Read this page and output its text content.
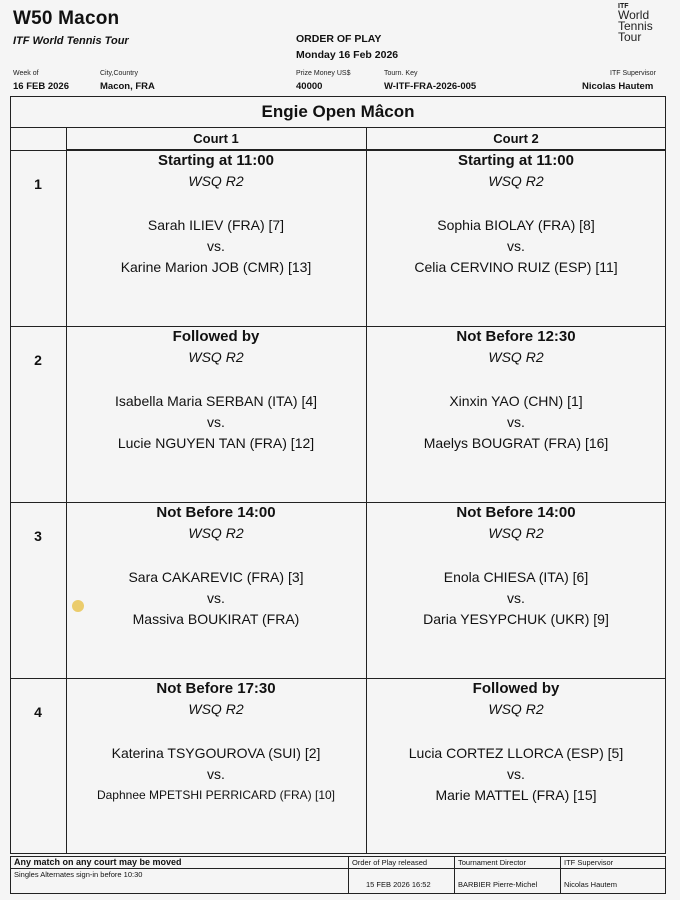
W50 Macon
ITF World Tennis Tour	ORDER OF PLAY
Monday 16 Feb 2026
Week of
16 FEB 2026
City,Country
Macon, FRA
Prize Money US$
40000
Tourn. Key
W-ITF-FRA-2026-005
ITF Supervisor
Nicolas Hautem
ITF
World
Tennis
Tour
Engie Open Mâcon
Court 1	Court 2
1
Starting at 11:00
WSQ R2
Sarah ILIEV (FRA) [7]
vs.
Karine Marion JOB (CMR) [13]
Starting at 11:00
WSQ R2
Sophia BIOLAY (FRA) [8]
vs.
Celia CERVINO RUIZ (ESP) [11]
2
Followed by
WSQ R2
Isabella Maria SERBAN (ITA) [4]
vs.
Lucie NGUYEN TAN (FRA) [12]
Not Before 12:30
WSQ R2
Xinxin YAO (CHN) [1]
vs.
Maelys BOUGRAT (FRA) [16]
3
Not Before 14:00
WSQ R2
Sara CAKAREVIC (FRA) [3]
vs.
Massiva BOUKIRAT (FRA)
Not Before 14:00
WSQ R2
Enola CHIESA (ITA) [6]
vs.
Daria YESYPCHUK (UKR) [9]
4
Not Before 17:30
WSQ R2
Katerina TSYGOUROVA (SUI) [2]
vs.
Daphnee MPETSHI PERRICARD (FRA) [10]
Followed by
WSQ R2
Lucia CORTEZ LLORCA (ESP) [5]
vs.
Marie MATTEL (FRA) [15]
Any match on any court may be moved
Singles Alternates sign-in before 10:30
Order of Play released
15 FEB 2026 16:52
Tournament Director
BARBIER Pierre-Michel
ITF Supervisor
Nicolas Hautem
